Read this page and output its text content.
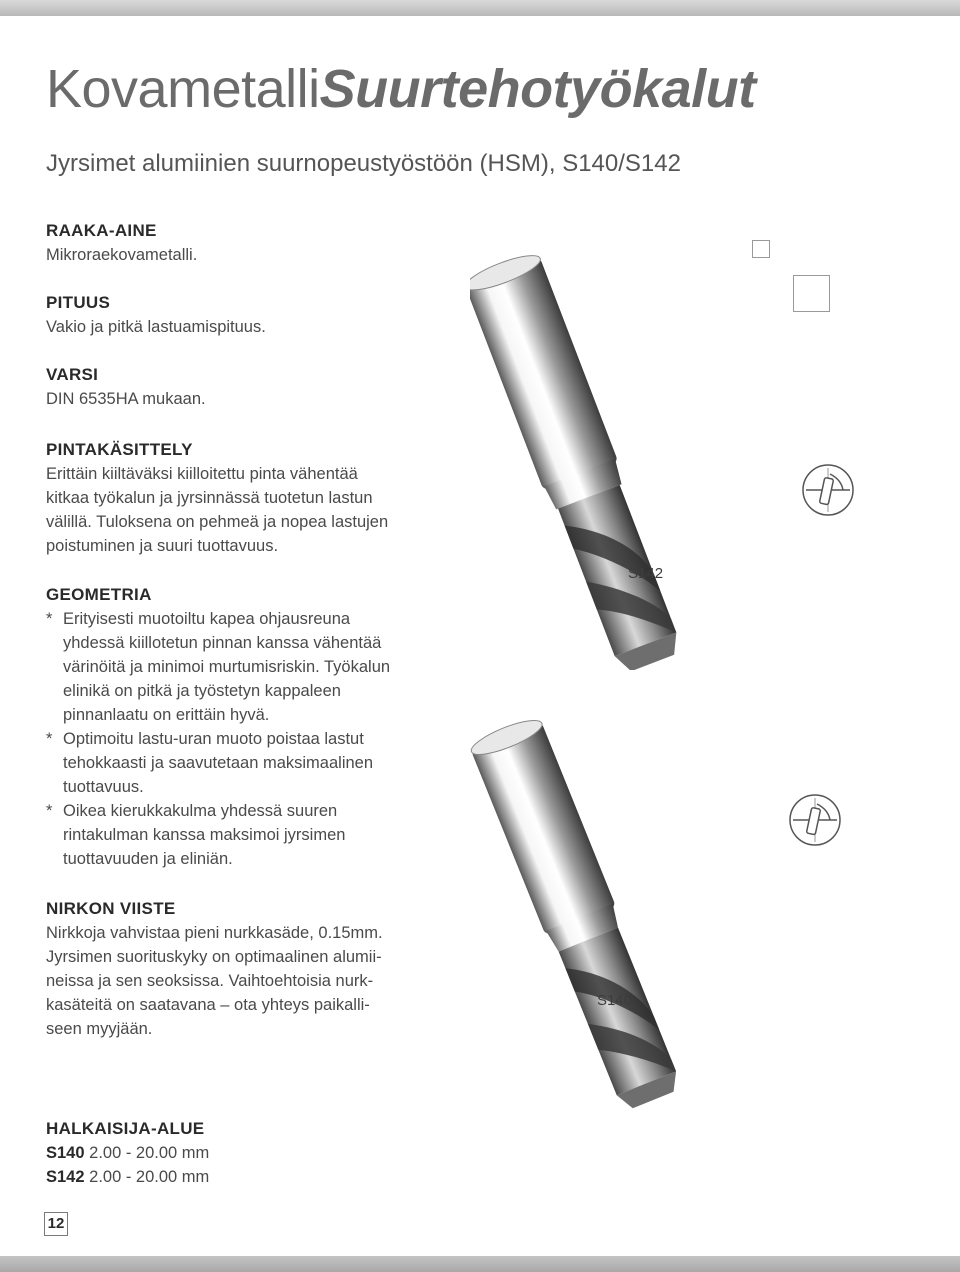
KovametalliSuurtehotyökalut
Jyrsimet alumiinien suurnopeustyöstöön (HSM), S140/S142
RAAKA-AINE
Mikroraekovametalli.
PITUUS
Vakio ja pitkä lastuamispituus.
VARSI
DIN 6535HA mukaan.
PINTAKÄSITTELY
Erittäin kiiltäväksi kiilloitettu pinta vähentää
kitkaa työkalun ja jyrsinnässä tuotetun lastun
välillä. Tuloksena on pehmeä ja nopea lastujen
poistuminen ja suuri tuottavuus.
GEOMETRIA
* Erityisesti muotoiltu kapea ohjausreuna
yhdessä kiillotetun pinnan kanssa vähentää
värinöitä ja minimoi murtumisriskin. Työkalun
elinikä on pitkä ja työstetyn kappaleen
pinnanlaatu on erittäin hyvä.
* Optimoitu lastu-uran muoto poistaa lastut
tehokkaasti ja saavutetaan maksimaalinen
tuottavuus.
* Oikea kierukkakulma yhdessä suuren
rintakulman kanssa maksimoi jyrsimen
tuottavuuden ja eliniän.
NIRKON VIISTE
Nirkkoja vahvistaa pieni nurkkasäde, 0.15mm.
Jyrsimen suorituskyky on optimaalinen alumii-
neissa ja sen seoksissa. Vaihtoehtoisia nurk-
kasäteitä on saatavana – ota yhteys paikalli-
seen myyjään.
HALKAISIJA-ALUE
S140 2.00 - 20.00 mm
S142 2.00 - 20.00 mm
S142
S140
12
